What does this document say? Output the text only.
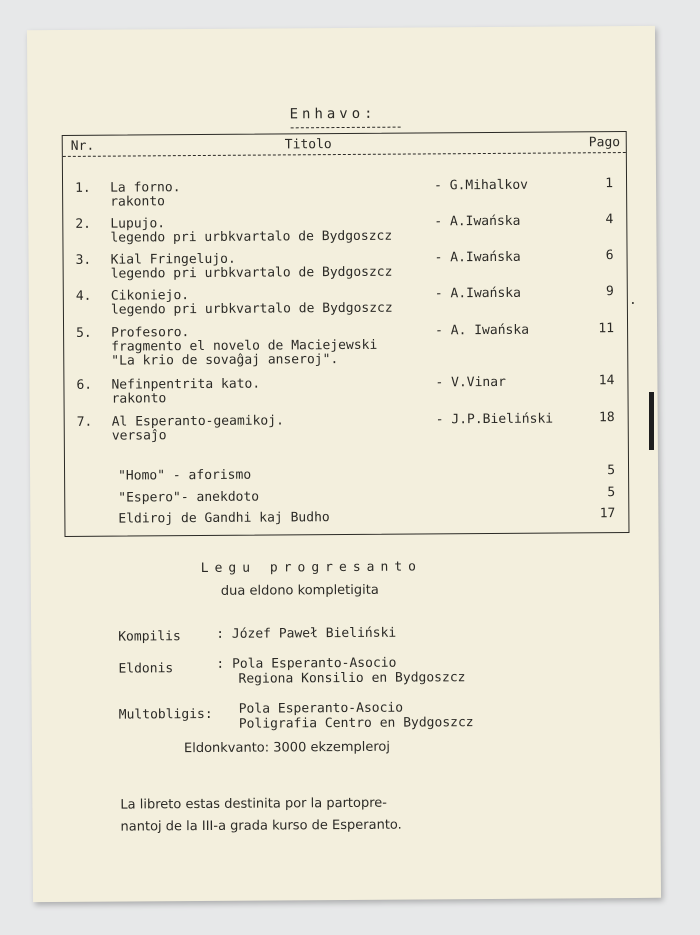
Enhavo:
Nr.	Titolo	Pago
1. La forno.
rakonto
- G.Mihalkov	1
2. Lupujo.
legendo pri urbkvartalo de Bydgoszcz
- A.Iwańska	4
3. Kial Fringelujo.
legendo pri urbkvartalo de Bydgoszcz
- A.Iwańska	6
4. Cikoniejo.
legendo pri urbkvartalo de Bydgoszcz
- A.Iwańska	9
5. Profesoro.
fragmento el novelo de Maciejewski
"La krio de sovaĝaj anseroj".
- A. Iwańska	11
6. Nefinpentrita kato.
rakonto
- V.Vinar	14
7. Al Esperanto-geamikoj.
versaĵo
- J.P.Bieliński	18
"Homo" - aforismo	5
"Espero"- anekdoto	5
Eldiroj de Gandhi kaj Budho	17
Legu progresanto
dua eldono kompletigita
Kompilis	: Józef Paweł Bieliński
Eldonis	: Pola Esperanto-Asocio
Regiona Konsilio en Bydgoszcz
Multobligis: Pola Esperanto-Asocio
Poligrafia Centro en Bydgoszcz
Eldonkvanto: 3000 ekzempleroj
La libreto estas destinita por la partopre-
nantoj de la III-a grada kurso de Esperanto.
